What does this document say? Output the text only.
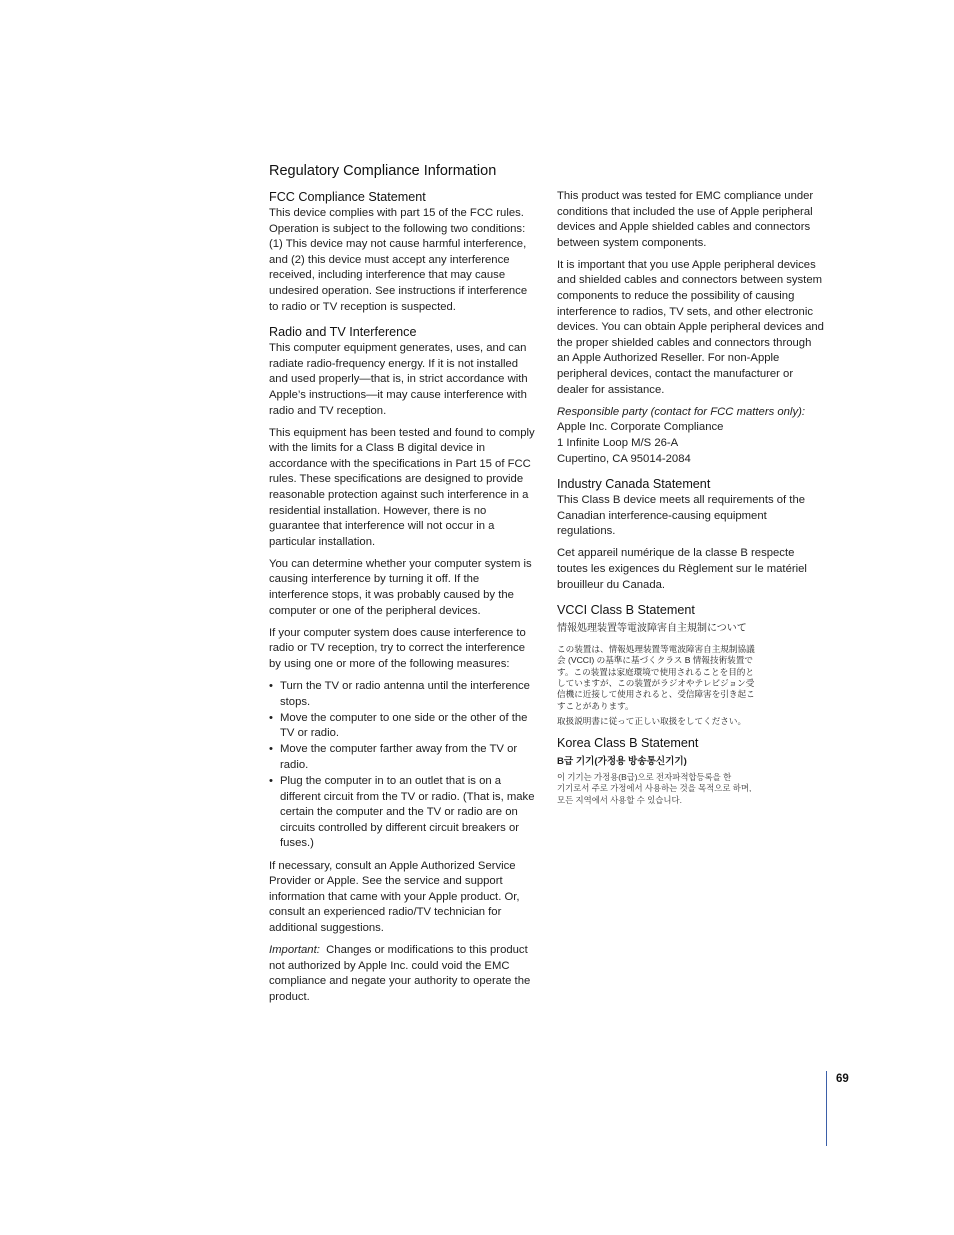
Regulatory Compliance Information
FCC Compliance Statement

This device complies with part 15 of the FCC rules. Operation is subject to the following two conditions: (1) This device may not cause harmful interference, and (2) this device must accept any interference received, including interference that may cause undesired operation. See instructions if interference to radio or TV reception is suspected.

Radio and TV Interference

This computer equipment generates, uses, and can radiate radio-frequency energy. If it is not installed and used properly—that is, in strict accordance with Apple’s instructions—it may cause interference with radio and TV reception.

This equipment has been tested and found to comply with the limits for a Class B digital device in accordance with the specifications in Part 15 of FCC rules. These specifications are designed to provide reasonable protection against such interference in a residential installation. However, there is no guarantee that interference will not occur in a particular installation.

You can determine whether your computer system is causing interference by turning it off. If the interference stops, it was probably caused by the computer or one of the peripheral devices.

If your computer system does cause interference to radio or TV reception, try to correct the interference by using one or more of the following measures:

• Turn the TV or radio antenna until the interference stops.
• Move the computer to one side or the other of the TV or radio.
• Move the computer farther away from the TV or radio.
• Plug the computer in to an outlet that is on a different circuit from the TV or radio. (That is, make certain the computer and the TV or radio are on circuits controlled by different circuit breakers or fuses.)

If necessary, consult an Apple Authorized Service Provider or Apple. See the service and support information that came with your Apple product. Or, consult an experienced radio/TV technician for additional suggestions.

Important: Changes or modifications to this product not authorized by Apple Inc. could void the EMC compliance and negate your authority to operate the product.

This product was tested for EMC compliance under conditions that included the use of Apple peripheral devices and Apple shielded cables and connectors between system components.

It is important that you use Apple peripheral devices and shielded cables and connectors between system components to reduce the possibility of causing interference to radios, TV sets, and other electronic devices. You can obtain Apple peripheral devices and the proper shielded cables and connectors through an Apple Authorized Reseller. For non-Apple peripheral devices, contact the manufacturer or dealer for assistance.

Responsible party (contact for FCC matters only):
Apple Inc. Corporate Compliance
1 Infinite Loop M/S 26-A
Cupertino, CA 95014-2084

Industry Canada Statement

This Class B device meets all requirements of the Canadian interference-causing equipment regulations.

Cet appareil numérique de la classe B respecte toutes les exigences du Règlement sur le matériel brouilleur du Canada.

VCCI Class B Statement
情報処理装置等電波障害自主規制について
この装置は、情報処理装置等電波障害自主規制協議
会 (VCCI) の基準に基づくクラス B 情報技術装置で
す。この装置は家庭環境で使用されることを目的と
していますが、この装置がラジオやテレビジョン受
信機に近接して使用されると、受信障害を引き起こ
すことがあります。
取扱説明書に従って正しい取扱をしてください。
Korea Class B Statement
B급 기기(가정용 방송통신기기)
이 기기는 가정용(B급)으로 전자파적합등록을 한
기기로서 주로 가정에서 사용하는 것을 목적으로 하며,
모든 지역에서 사용할 수 있습니다.
69
